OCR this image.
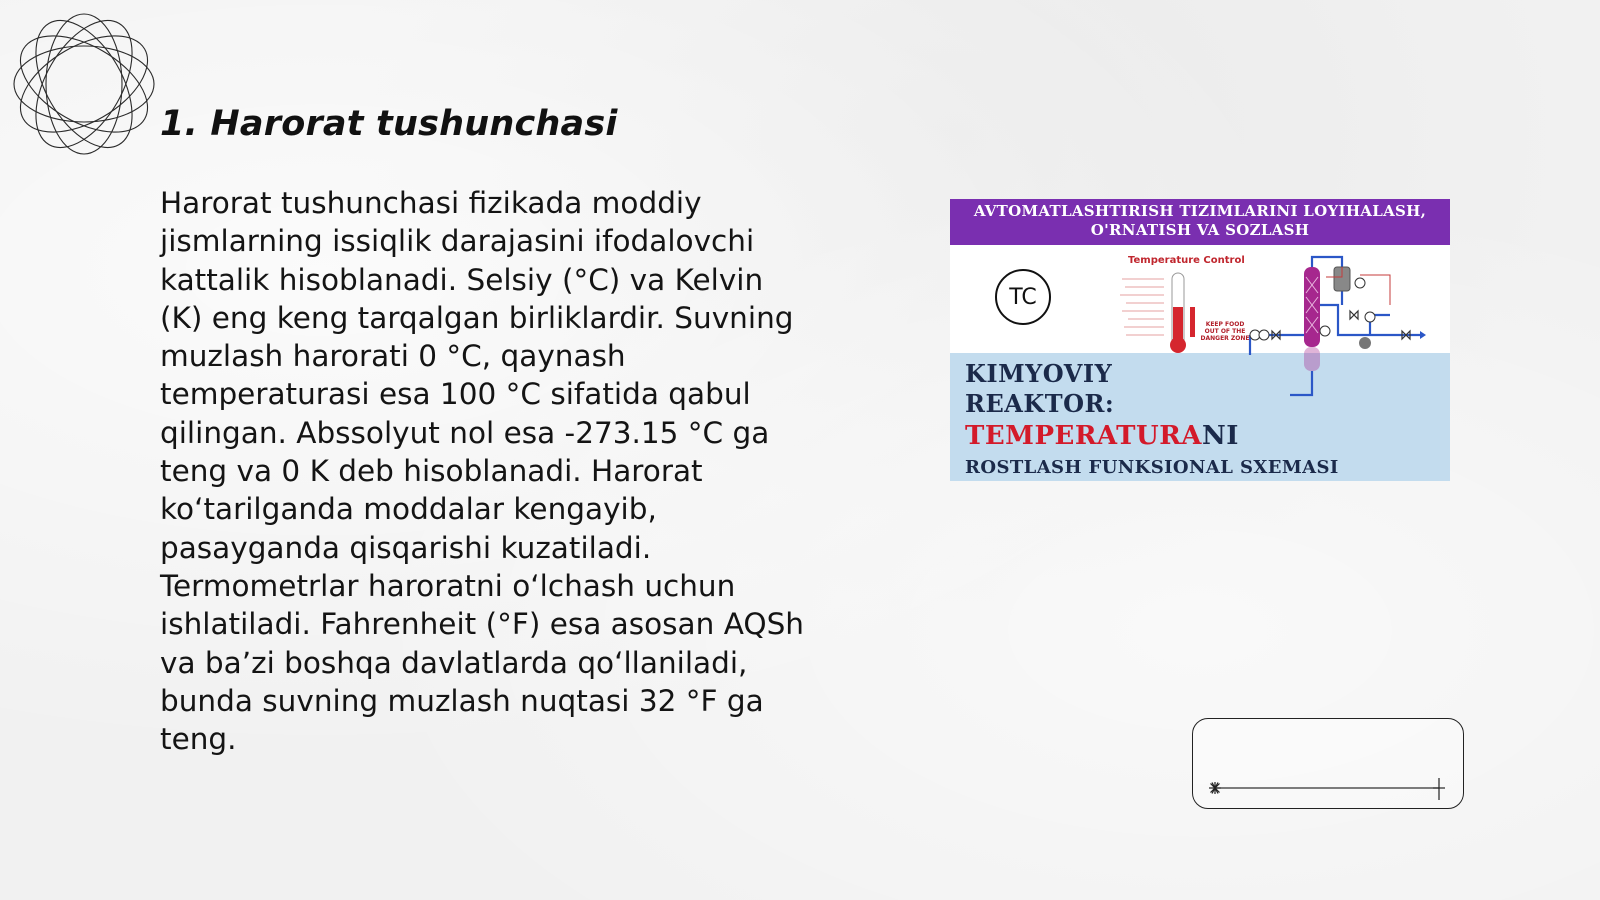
1. Harorat tushunchasi

Harorat tushunchasi fizikada moddiy jismlarning issiqlik darajasini ifodalovchi kattalik hisoblanadi. Selsiy (°C) va Kelvin (K) eng keng tarqalgan birliklardir. Suvning muzlash harorati 0 °C, qaynash temperaturasi esa 100 °C sifatida qabul qilingan. Abssolyut nol esa -273.15 °C ga teng va 0 K deb hisoblanadi. Harorat koʻtarilganda moddalar kengayib, pasayganda qisqarishi kuzatiladi. Termometrlar haroratni oʻlchash uchun ishlatiladi. Fahrenheit (°F) esa asosan AQSh va baʼzi boshqa davlatlarda qoʻllaniladi, bunda suvning muzlash nuqtasi 32 °F ga teng.

AVTOMATLASHTIRISH TIZIMLARINI LOYIHALASH,
O'RNATISH VA SOZLASH
TC
Temperature Control
KEEP FOOD OUT OF THE DANGER ZONE
KIMYOVIY
REAKTOR:
TEMPERATURANI
ROSTLASH FUNKSIONAL SXEMASI
